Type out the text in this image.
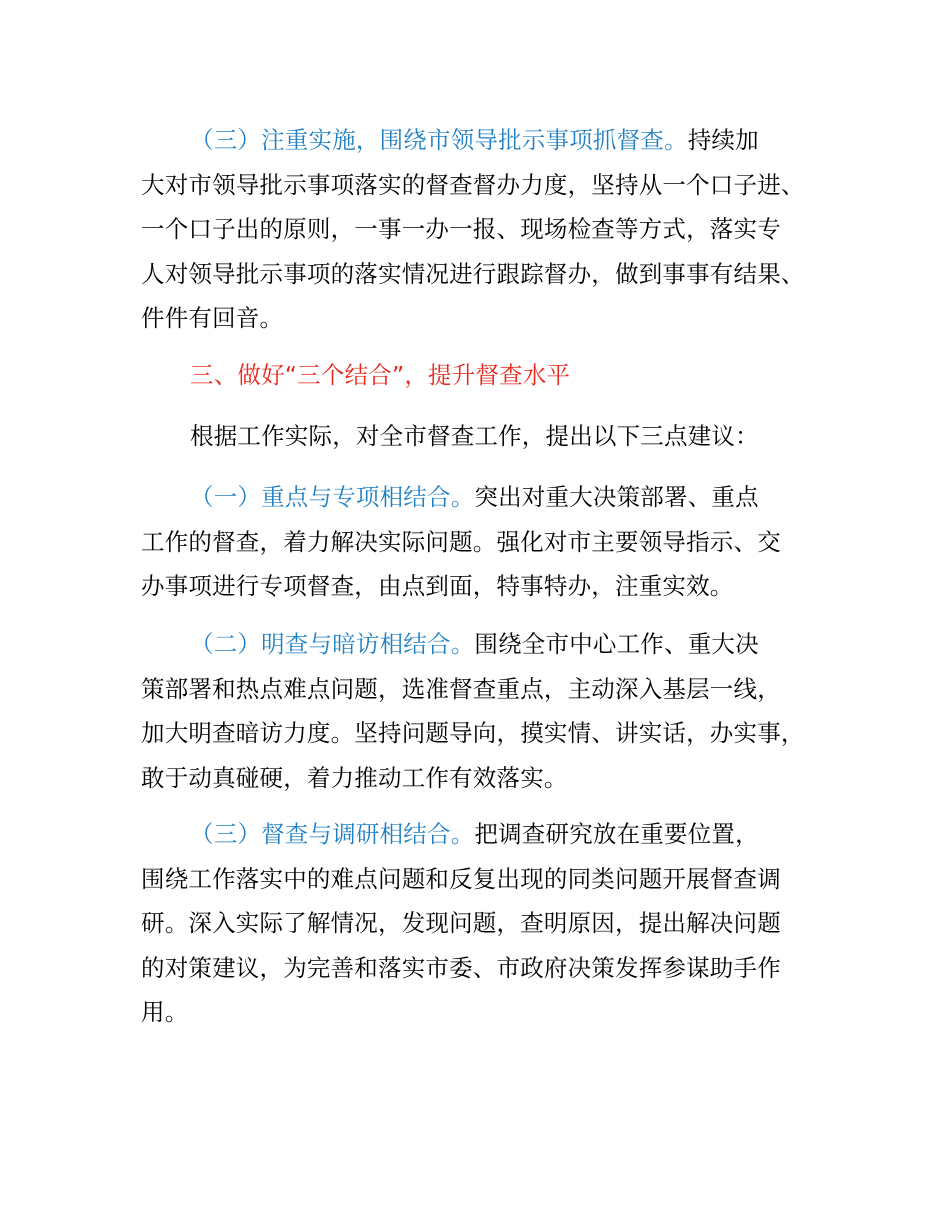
（三）注重实施，围绕市领导批示事项抓督查。持续加
大对市领导批示事项落实的督查督办力度，坚持从一个口子进、
一个口子出的原则，一事一办一报、现场检查等方式，落实专
人对领导批示事项的落实情况进行跟踪督办，做到事事有结果、
件件有回音。
三、做好“三个结合”，提升督查水平
根据工作实际，对全市督查工作，提出以下三点建议：
（一）重点与专项相结合。突出对重大决策部署、重点
工作的督查，着力解决实际问题。强化对市主要领导指示、交
办事项进行专项督查，由点到面，特事特办，注重实效。
（二）明查与暗访相结合。围绕全市中心工作、重大决
策部署和热点难点问题，选准督查重点，主动深入基层一线，
加大明查暗访力度。坚持问题导向，摸实情、讲实话，办实事，
敢于动真碰硬，着力推动工作有效落实。
（三）督查与调研相结合。把调查研究放在重要位置，
围绕工作落实中的难点问题和反复出现的同类问题开展督查调
研。深入实际了解情况，发现问题，查明原因，提出解决问题
的对策建议，为完善和落实市委、市政府决策发挥参谋助手作
用。
